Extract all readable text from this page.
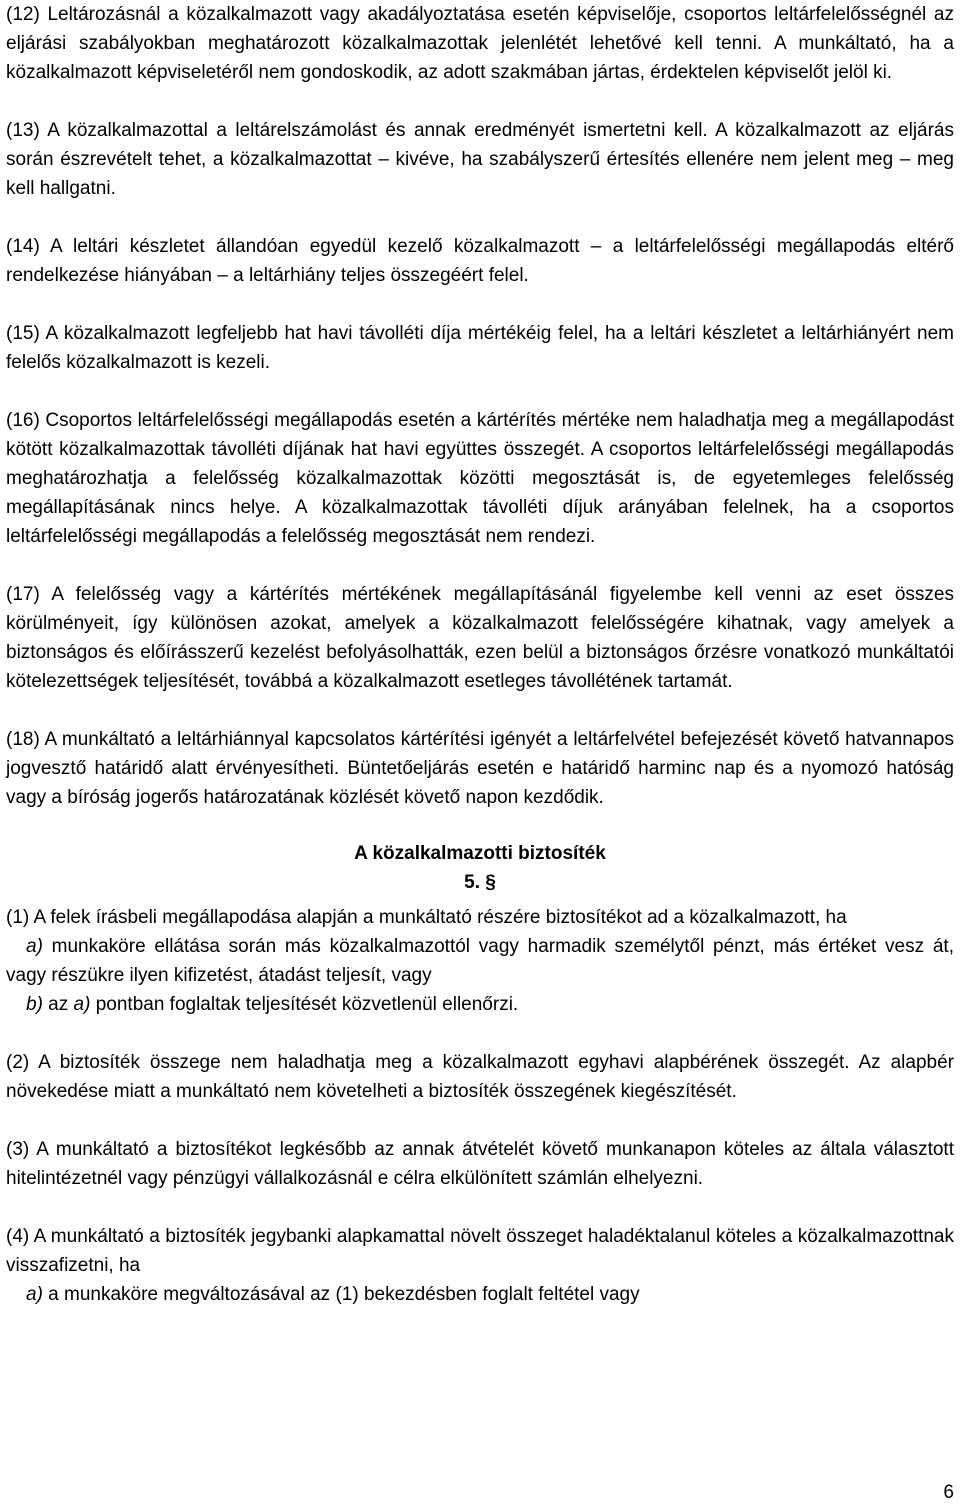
(12) Leltározásnál a közalkalmazott vagy akadályoztatása esetén képviselője, csoportos leltárfelelősségnél az eljárási szabályokban meghatározott közalkalmazottak jelenlétét lehetővé kell tenni. A munkáltató, ha a közalkalmazott képviseletéről nem gondoskodik, az adott szakmában jártas, érdektelen képviselőt jelöl ki.

(13) A közalkalmazottal a leltárelszámolást és annak eredményét ismertetni kell. A közalkalmazott az eljárás során észrevételt tehet, a közalkalmazottat – kivéve, ha szabályszerű értesítés ellenére nem jelent meg – meg kell hallgatni.

(14) A leltári készletet állandóan egyedül kezelő közalkalmazott – a leltárfelelősségi megállapodás eltérő rendelkezése hiányában – a leltárhiány teljes összegéért felel.

(15) A közalkalmazott legfeljebb hat havi távolléti díja mértékéig felel, ha a leltári készletet a leltárhiányért nem felelős közalkalmazott is kezeli.

(16) Csoportos leltárfelelősségi megállapodás esetén a kártérítés mértéke nem haladhatja meg a megállapodást kötött közalkalmazottak távolléti díjának hat havi együttes összegét. A csoportos leltárfelelősségi megállapodás meghatározhatja a felelősség közalkalmazottak közötti megosztását is, de egyetemleges felelősség megállapításának nincs helye. A közalkalmazottak távolléti díjuk arányában felelnek, ha a csoportos leltárfelelősségi megállapodás a felelősség megosztását nem rendezi.

(17) A felelősség vagy a kártérítés mértékének megállapításánál figyelembe kell venni az eset összes körülményeit, így különösen azokat, amelyek a közalkalmazott felelősségére kihatnak, vagy amelyek a biztonságos és előírásszerű kezelést befolyásolhatták, ezen belül a biztonságos őrzésre vonatkozó munkáltatói kötelezettségek teljesítését, továbbá a közalkalmazott esetleges távollétének tartamát.

(18) A munkáltató a leltárhiánnyal kapcsolatos kártérítési igényét a leltárfelvétel befejezését követő hatvannapos jogvesztő határidő alatt érvényesítheti. Büntetőeljárás esetén e határidő harminc nap és a nyomozó hatóság vagy a bíróság jogerős határozatának közlését követő napon kezdődik.

A közalkalmazotti biztosíték

5. §

(1) A felek írásbeli megállapodása alapján a munkáltató részére biztosítékot ad a közalkalmazott, ha

a) munkaköre ellátása során más közalkalmazottól vagy harmadik személytől pénzt, más értéket vesz át, vagy részükre ilyen kifizetést, átadást teljesít, vagy

b) az a) pontban foglaltak teljesítését közvetlenül ellenőrzi.

(2) A biztosíték összege nem haladhatja meg a közalkalmazott egyhavi alapbérének összegét. Az alapbér növekedése miatt a munkáltató nem követelheti a biztosíték összegének kiegészítését.

(3) A munkáltató a biztosítékot legkésőbb az annak átvételét követő munkanapon köteles az általa választott hitelintézetnél vagy pénzügyi vállalkozásnál e célra elkülönített számlán elhelyezni.

(4) A munkáltató a biztosíték jegybanki alapkamattal növelt összeget haladéktalanul köteles a közalkalmazottnak visszafizetni, ha

a) a munkaköre megváltozásával az (1) bekezdésben foglalt feltétel vagy

6
